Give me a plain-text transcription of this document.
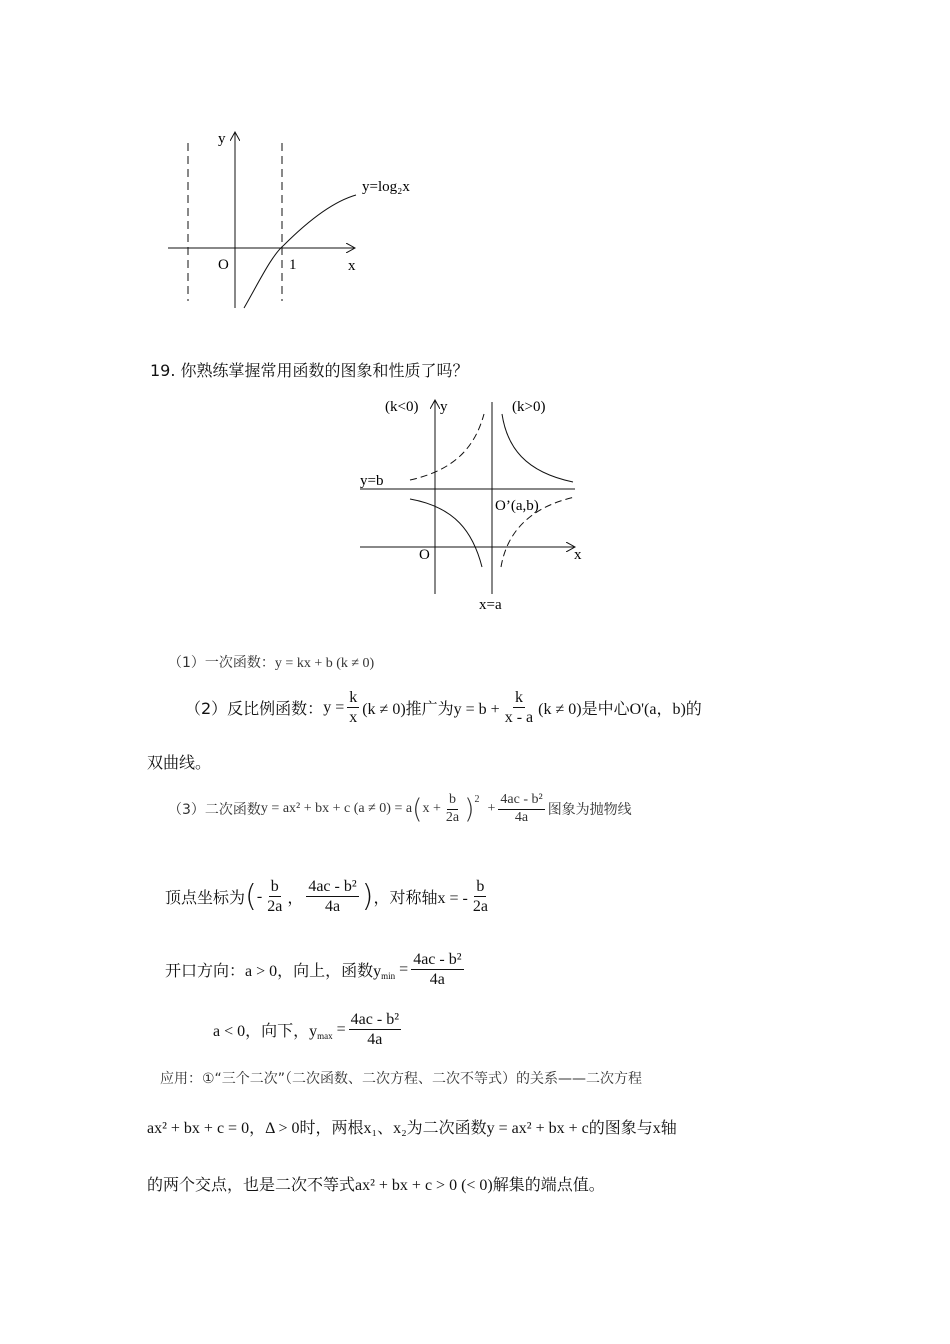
y
x
O	1
y=log₂x
19. 你熟练掌握常用函数的图象和性质了吗？
(k<0) y	(k>0)
y=b
O’(a,b)
O	x
x=a
（1）一次函数：y = kx + b (k ≠ 0)
（2）反比例函数： $y = \frac{k}{x} (k \ne 0)$推广为$y = b + \frac{k}{x - a} (k \ne 0)$是中心O'(a，b)的
双曲线。
（3）二次函数 y = ax² + bx + c (a ≠ 0) = a ( $x + \frac{b}{2a}$ ) 2
+ $\frac{\text{4ac - b²}}{4a}$ 图象为抛物线
顶点坐标为 ( - $\frac{b}{2a}$ ， $\frac{\text{4ac - b²}}{4a}$ ) ，对称轴x = - $\frac{b}{2a}$
开口方向：a > 0，向上，函数y $\min = \frac{\text{4ac - b²}}{4a}$
a < 0，向下，y $\max = \frac{\text{4ac - b²}}{4a}$
应用：①“三个二次”（二次函数、二次方程、二次不等式）的关系——二次方程
ax² + bx + c = 0，Δ > 0时，两根x₁、x₂为二次函数y = ax² + bx + c的图象与x轴
的两个交点，也是二次不等式ax² + bx + c > 0 (< 0)解集的端点值。
